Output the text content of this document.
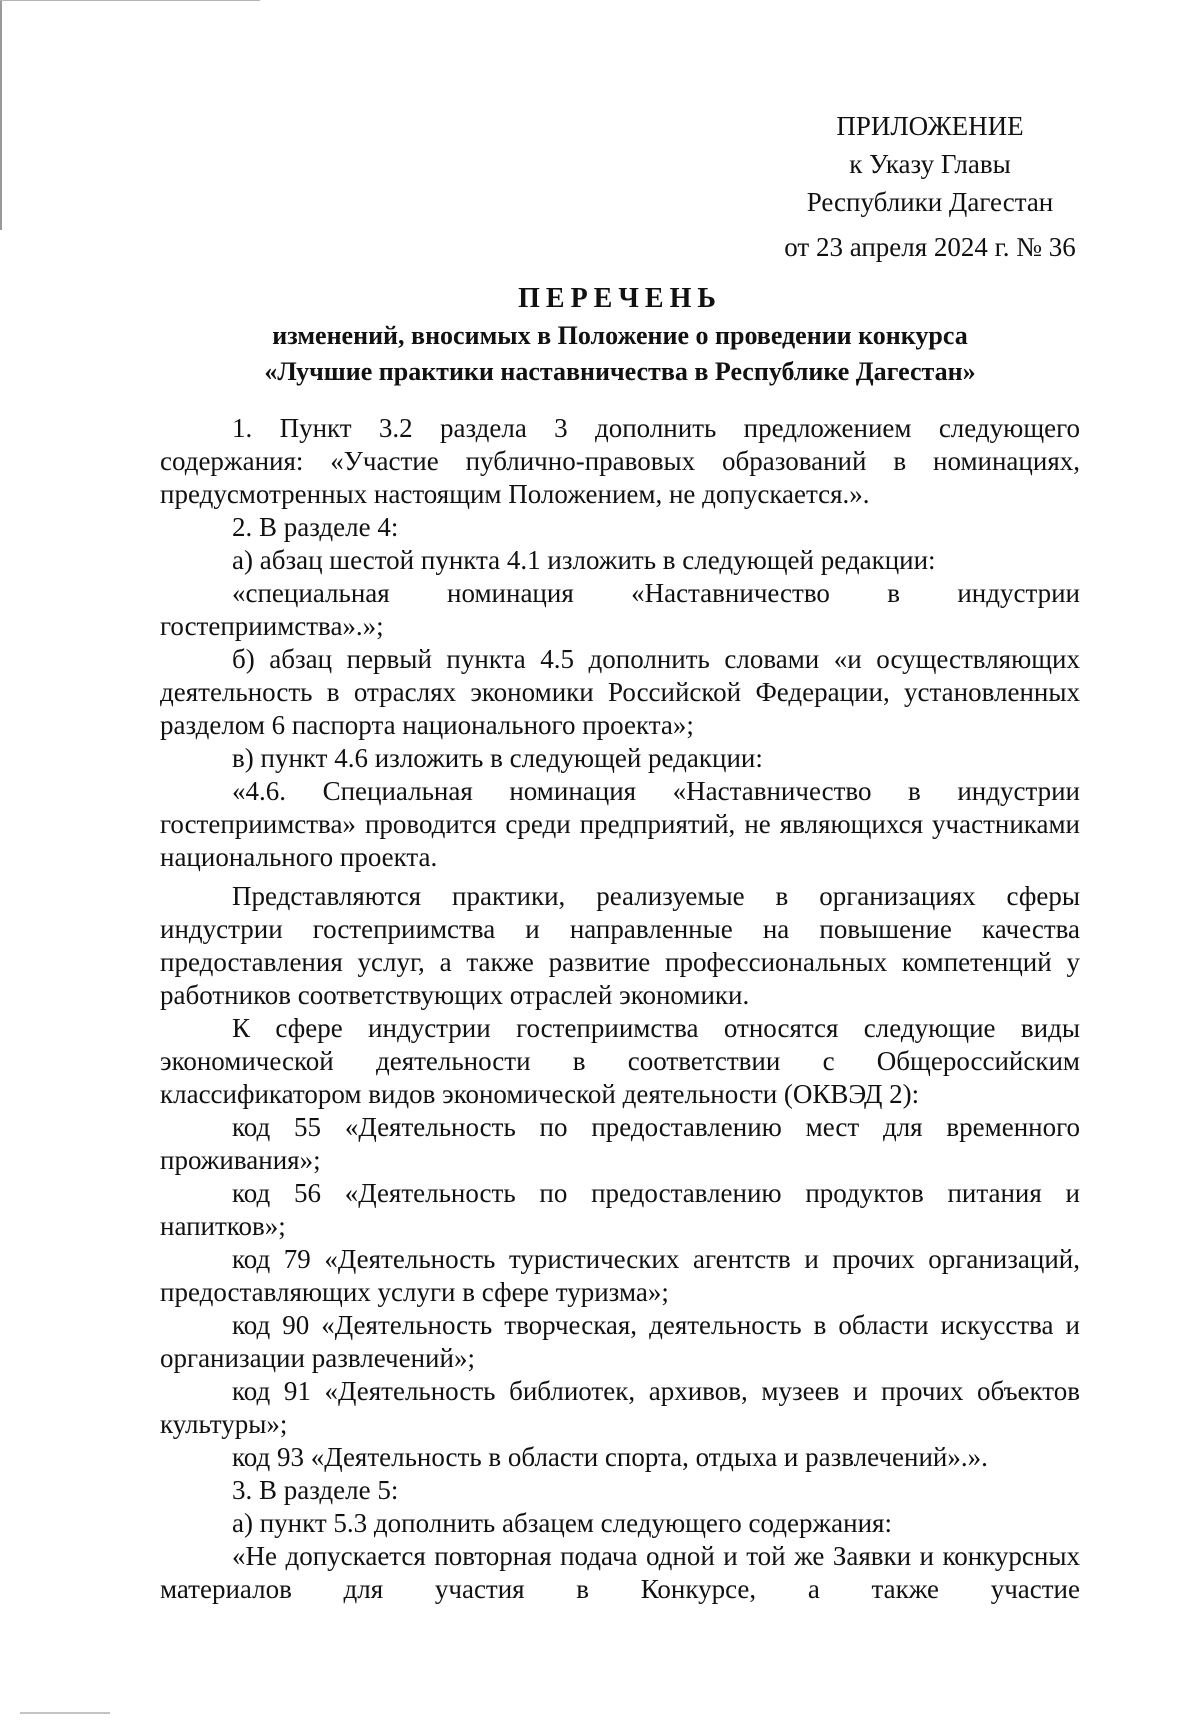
ПРИЛОЖЕНИЕ
к Указу Главы
Республики Дагестан
от 23 апреля 2024 г. № 36

ПЕРЕЧЕНЬ

изменений, вносимых в Положение о проведении конкурса

«Лучшие практики наставничества в Республике Дагестан»

1. Пункт 3.2 раздела 3 дополнить предложением следующего содержания: «Участие публично-правовых образований в номинациях, предусмотренных настоящим Положением, не допускается.».

2. В разделе 4:

а) абзац шестой пункта 4.1 изложить в следующей редакции:

«специальная номинация «Наставничество в индустрии гостеприимства».»;

б) абзац первый пункта 4.5 дополнить словами «и осуществляющих деятельность в отраслях экономики Российской Федерации, установленных разделом 6 паспорта национального проекта»;

в) пункт 4.6 изложить в следующей редакции:

«4.6. Специальная номинация «Наставничество в индустрии гостеприимства» проводится среди предприятий, не являющихся участниками национального проекта.

Представляются практики, реализуемые в организациях сферы индустрии гостеприимства и направленные на повышение качества предоставления услуг, а также развитие профессиональных компетенций у работников соответствующих отраслей экономики.

К сфере индустрии гостеприимства относятся следующие виды экономической деятельности в соответствии с Общероссийским классификатором видов экономической деятельности (ОКВЭД 2):

код 55 «Деятельность по предоставлению мест для временного проживания»;

код 56 «Деятельность по предоставлению продуктов питания и напитков»;

код 79 «Деятельность туристических агентств и прочих организаций, предоставляющих услуги в сфере туризма»;

код 90 «Деятельность творческая, деятельность в области искусства и организации развлечений»;

код 91 «Деятельность библиотек, архивов, музеев и прочих объектов культуры»;

код 93 «Деятельность в области спорта, отдыха и развлечений».».

3. В разделе 5:

а) пункт 5.3 дополнить абзацем следующего содержания:

«Не допускается повторная подача одной и той же Заявки и конкурсных материалов для участия в Конкурсе, а также участие
